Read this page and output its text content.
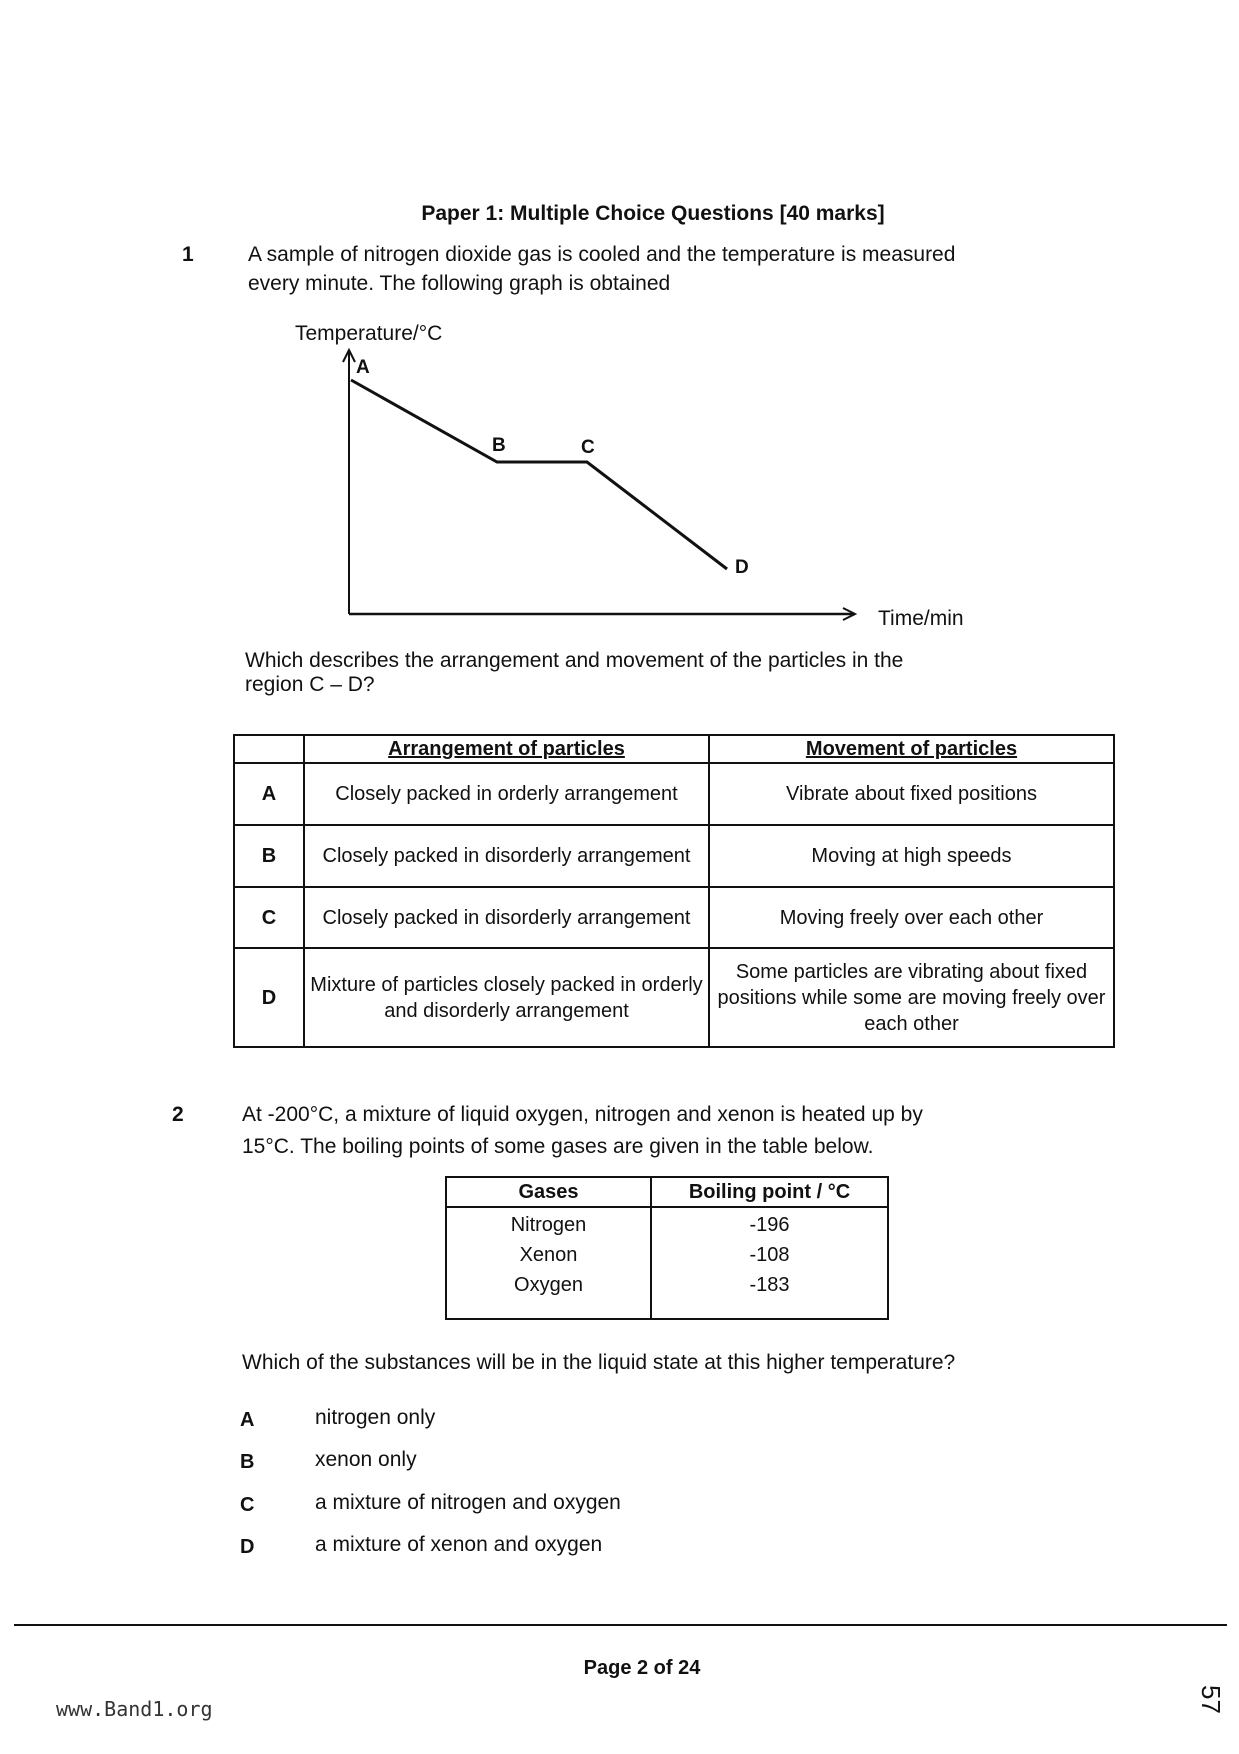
Paper 1: Multiple Choice Questions [40 marks]
1	A sample of nitrogen dioxide gas is cooled and the temperature is measured
every minute. The following graph is obtained
Temperature/°C
A
B	C
D
Time/min
Which describes the arrangement and movement of the particles in the
region C – D?
	Arrangement of particles	Movement of particles
A	Closely packed in orderly arrangement	Vibrate about fixed positions
B	Closely packed in disorderly arrangement	Moving at high speeds
C	Closely packed in disorderly arrangement	Moving freely over each other
D	Mixture of particles closely packed in orderly and disorderly arrangement	Some particles are vibrating about fixed positions while some are moving freely over each other
2	At -200°C, a mixture of liquid oxygen, nitrogen and xenon is heated up by
15°C. The boiling points of some gases are given in the table below.
Gases	Boiling point / °C
Nitrogen	-196
Xenon	-108
Oxygen	-183
Which of the substances will be in the liquid state at this higher temperature?
A	nitrogen only
B	xenon only
C	a mixture of nitrogen and oxygen
D	a mixture of xenon and oxygen
Page 2 of 24
www.Band1.org	57
